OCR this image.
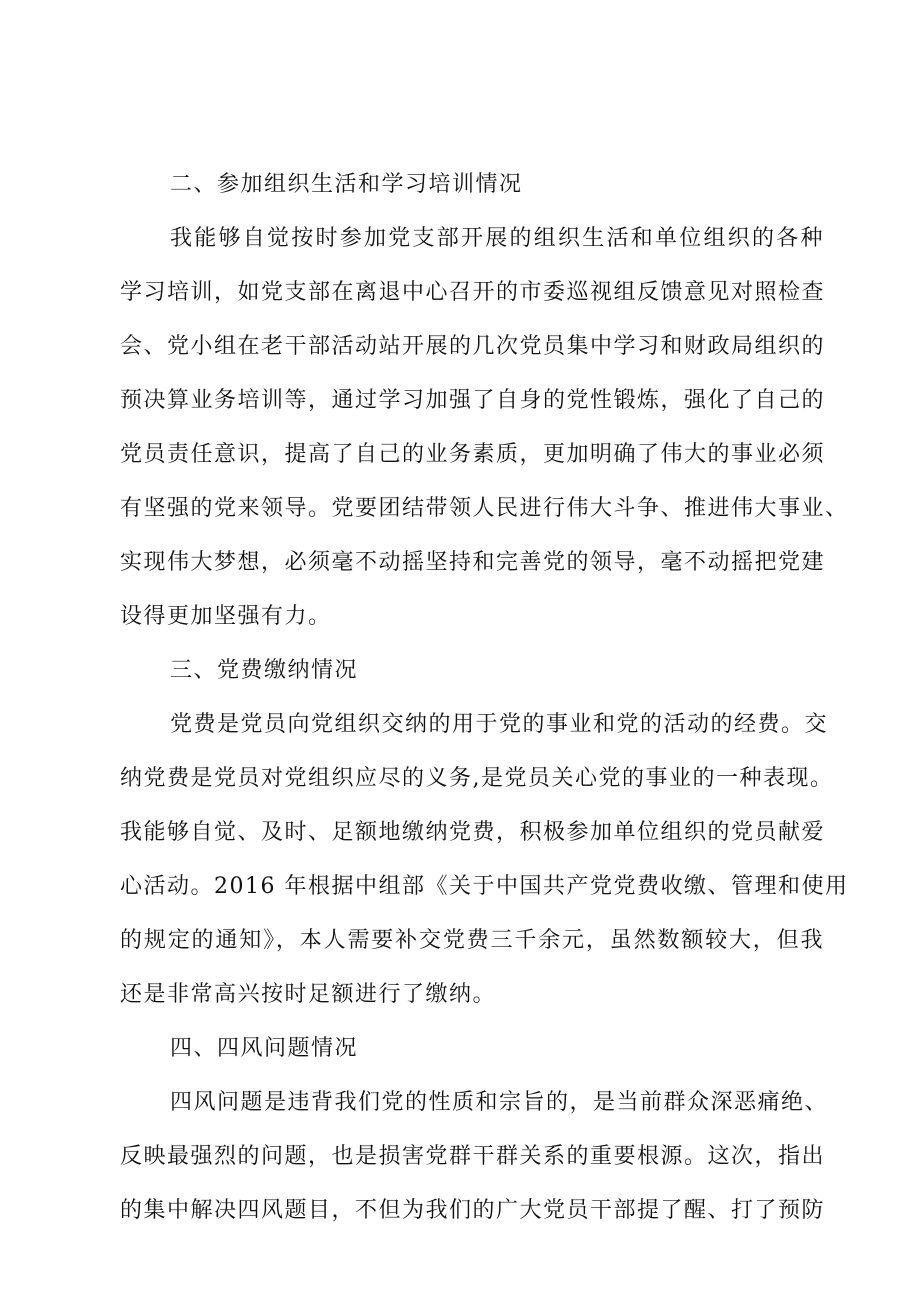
二、参加组织生活和学习培训情况
我能够自觉按时参加党支部开展的组织生活和单位组织的各种
学习培训，如党支部在离退中心召开的市委巡视组反馈意见对照检查
会、党小组在老干部活动站开展的几次党员集中学习和财政局组织的
预决算业务培训等，通过学习加强了自身的党性锻炼，强化了自己的
党员责任意识，提高了自己的业务素质，更加明确了伟大的事业必须
有坚强的党来领导。党要团结带领人民进行伟大斗争、推进伟大事业、
实现伟大梦想，必须毫不动摇坚持和完善党的领导，毫不动摇把党建
设得更加坚强有力。
三、党费缴纳情况
党费是党员向党组织交纳的用于党的事业和党的活动的经费。交
纳党费是党员对党组织应尽的义务,是党员关心党的事业的一种表现。
我能够自觉、及时、足额地缴纳党费，积极参加单位组织的党员献爱
心活动。2016 年根据中组部《关于中国共产党党费收缴、管理和使用
的规定的通知》，本人需要补交党费三千余元，虽然数额较大，但我
还是非常高兴按时足额进行了缴纳。
四、四风问题情况
四风问题是违背我们党的性质和宗旨的，是当前群众深恶痛绝、
反映最强烈的问题，也是损害党群干群关系的重要根源。这次，指出
的集中解决四风题目，不但为我们的广大党员干部提了醒、打了预防
